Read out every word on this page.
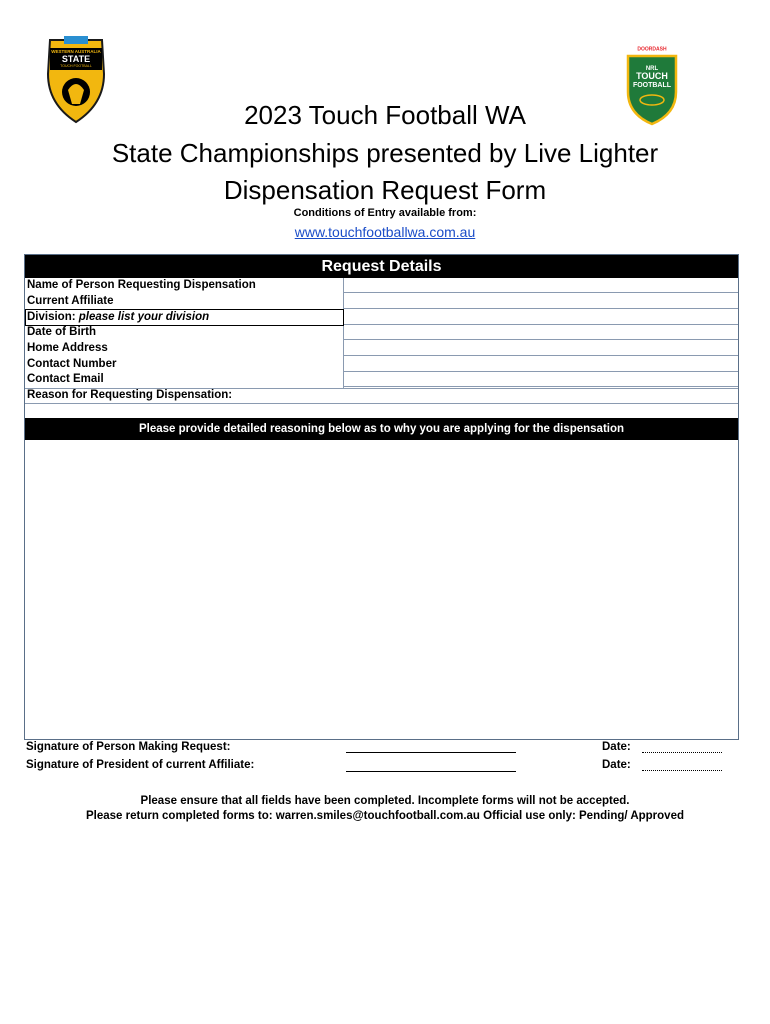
WESTERN AUSTRALIA
STATE
TOUCH FOOTBALL
DOORDASH
NRL
TOUCH
FOOTBALL
2023 Touch Football WA
State Championships presented by Live Lighter
Dispensation Request Form
Conditions of Entry available from:
www.touchfootballwa.com.au
Request Details
Name of Person Requesting Dispensation
Current Affiliate
Division: please list your division
Date of Birth
Home Address
Contact Number
Contact Email
Reason for Requesting Dispensation:
Please provide detailed reasoning below as to why you are applying for the dispensation
Signature of Person Making Request:	Date:
Signature of President of current Affiliate:	Date:
Please ensure that all fields have been completed. Incomplete forms will not be accepted.
Please return completed forms to: warren.smiles@touchfootball.com.au Official use only: Pending/ Approved
